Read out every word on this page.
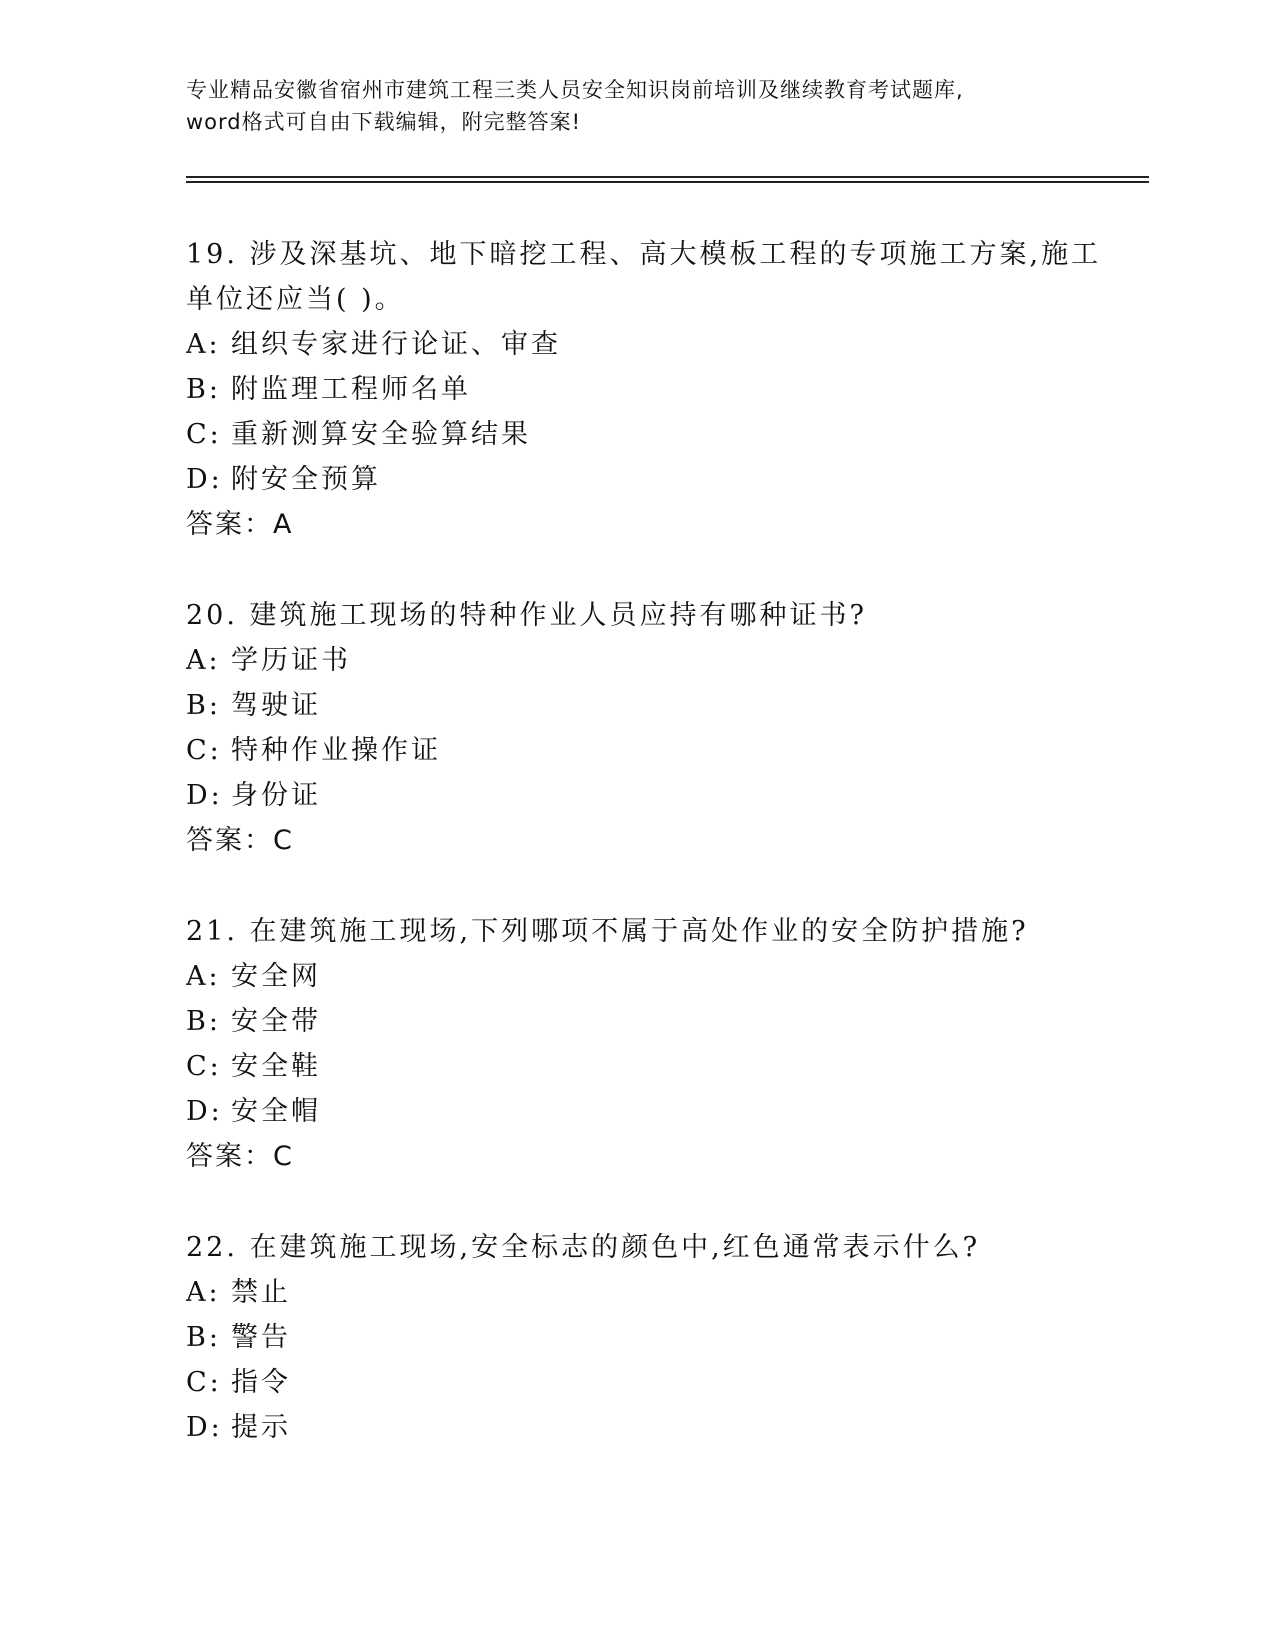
专业精品安徽省宿州市建筑工程三类人员安全知识岗前培训及继续教育考试题库,
word格式可自由下载编辑，附完整答案!
19. 涉及深基坑、地下暗挖工程、高大模板工程的专项施工方案,施工
单位还应当( )。
A: 组织专家进行论证、审查
B: 附监理工程师名单
C: 重新测算安全验算结果
D: 附安全预算
答案：A
20. 建筑施工现场的特种作业人员应持有哪种证书?
A: 学历证书
B: 驾驶证
C: 特种作业操作证
D: 身份证
答案：C
21. 在建筑施工现场,下列哪项不属于高处作业的安全防护措施?
A: 安全网
B: 安全带
C: 安全鞋
D: 安全帽
答案：C
22. 在建筑施工现场,安全标志的颜色中,红色通常表示什么?
A: 禁止
B: 警告
C: 指令
D: 提示
